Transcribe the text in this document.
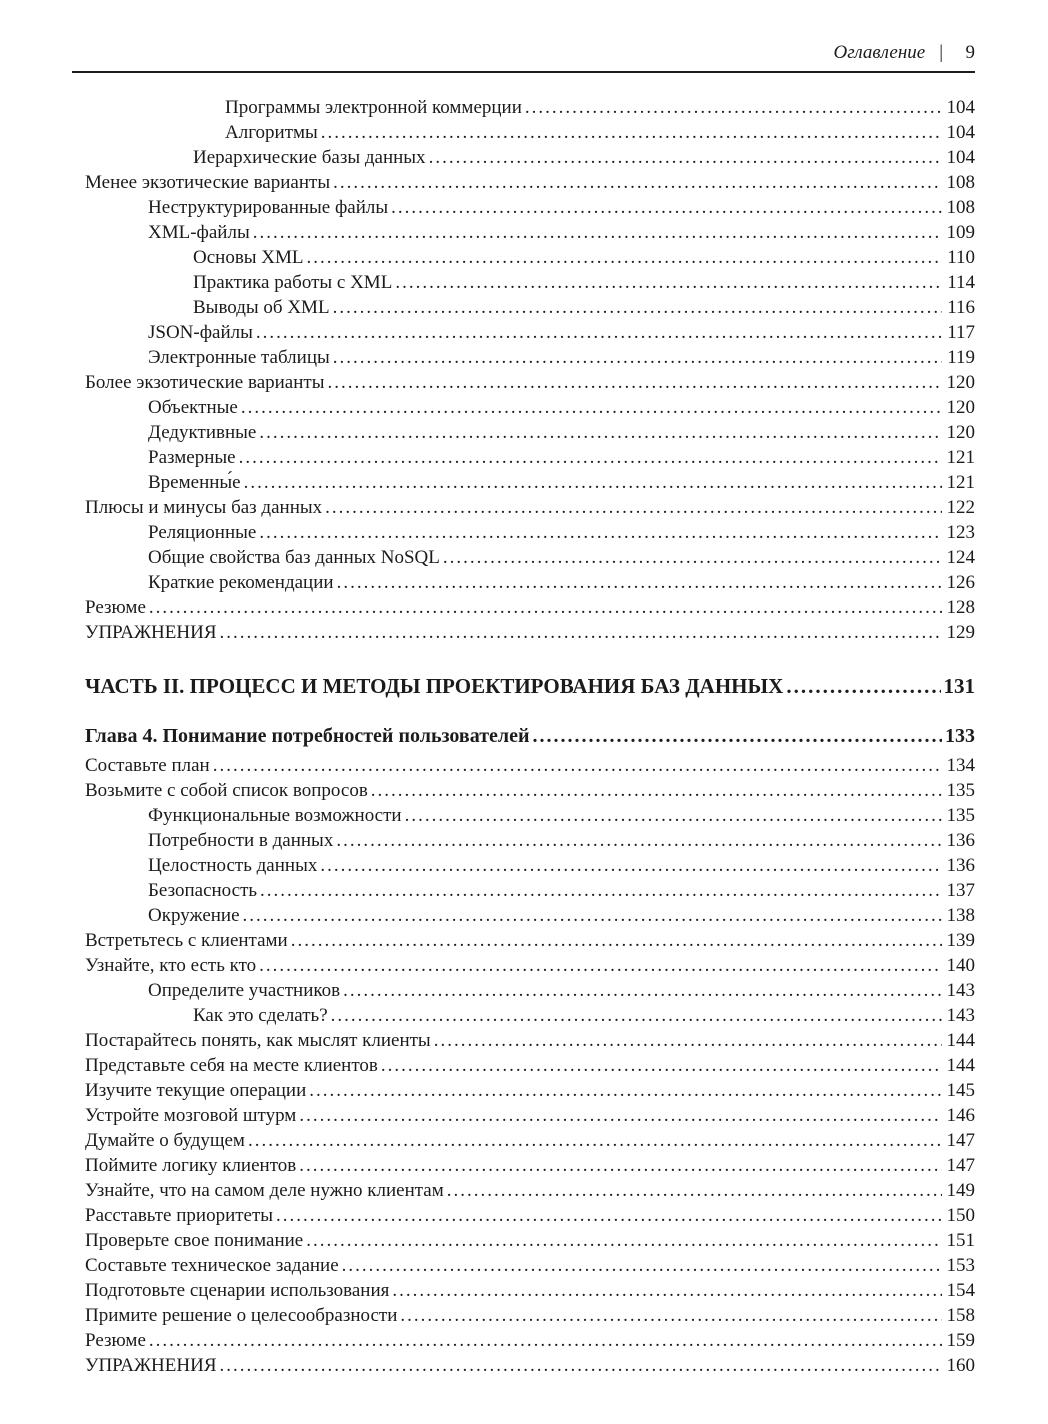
Оглавление |	9
Программы электронной коммерции .....	104
Алгоритмы .....	104
Иерархические базы данных .....	104
Менее экзотические варианты .....	108
Неструктурированные файлы .....	108
XML-файлы .....	109
Основы XML .....	110
Практика работы с XML .....	114
Выводы об XML .....	116
JSON-файлы .....	117
Электронные таблицы .....	119
Более экзотические варианты .....	120
Объектные .....	120
Дедуктивные .....	120
Размерные .....	121
Временны́е .....	121
Плюсы и минусы баз данных .....	122
Реляционные .....	123
Общие свойства баз данных NoSQL .....	124
Краткие рекомендации .....	126
Резюме .....	128
УПРАЖНЕНИЯ .....	129
ЧАСТЬ II. ПРОЦЕСС И МЕТОДЫ ПРОЕКТИРОВАНИЯ БАЗ ДАННЫХ .....	131
Глава 4. Понимание потребностей пользователей .....	133
Составьте план .....	134
Возьмите с собой список вопросов .....	135
Функциональные возможности .....	135
Потребности в данных .....	136
Целостность данных .....	136
Безопасность .....	137
Окружение .....	138
Встретьтесь с клиентами .....	139
Узнайте, кто есть кто .....	140
Определите участников .....	143
Как это сделать? .....	143
Постарайтесь понять, как мыслят клиенты .....	144
Представьте себя на месте клиентов .....	144
Изучите текущие операции .....	145
Устройте мозговой штурм .....	146
Думайте о будущем .....	147
Поймите логику клиентов .....	147
Узнайте, что на самом деле нужно клиентам .....	149
Расставьте приоритеты .....	150
Проверьте свое понимание .....	151
Составьте техническое задание .....	153
Подготовьте сценарии использования .....	154
Примите решение о целесообразности .....	158
Резюме .....	159
УПРАЖНЕНИЯ .....	160
